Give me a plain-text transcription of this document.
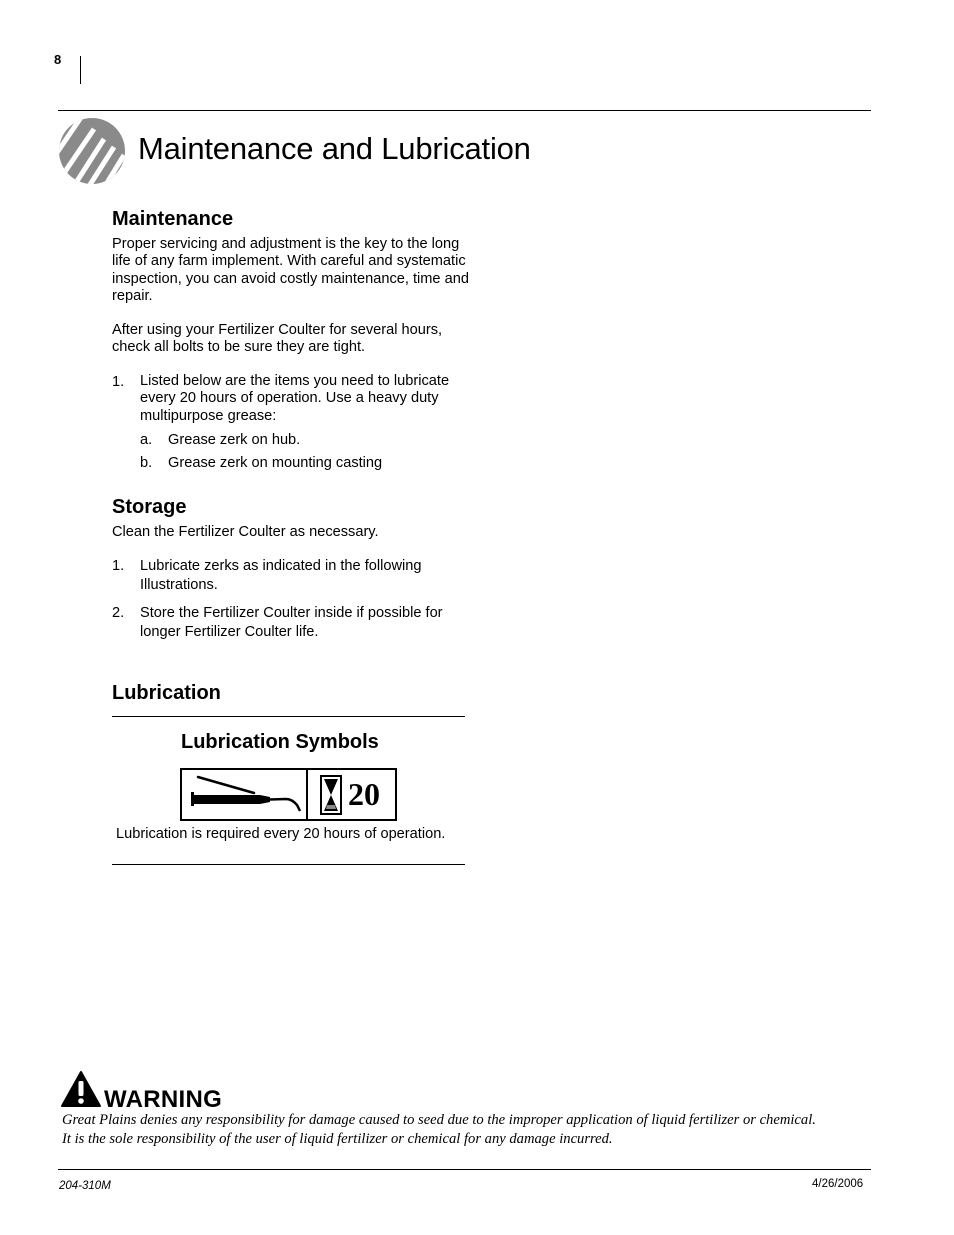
8
Maintenance and Lubrication
Maintenance

Proper servicing and adjustment is the key to the long life of any farm implement. With careful and systematic inspection, you can avoid costly maintenance, time and repair.

After using your Fertilizer Coulter for several hours, check all bolts to be sure they are tight.

1. Listed below are the items you need to lubricate every 20 hours of operation. Use a heavy duty multipurpose grease:
a. Grease zerk on hub.
b. Grease zerk on mounting casting
Storage

Clean the Fertilizer Coulter as necessary.

1. Lubricate zerks as indicated in the following Illustrations.
2. Store the Fertilizer Coulter inside if possible for longer Fertilizer Coulter life.
Lubrication
Lubrication Symbols
20
Lubrication is required every 20 hours of operation.
WARNING
Great Plains denies any responsibility for damage caused to seed due to the improper application of liquid fertilizer or chemical.
It is the sole responsibility of the user of liquid fertilizer or chemical for any damage incurred.
204-310M	4/26/2006
